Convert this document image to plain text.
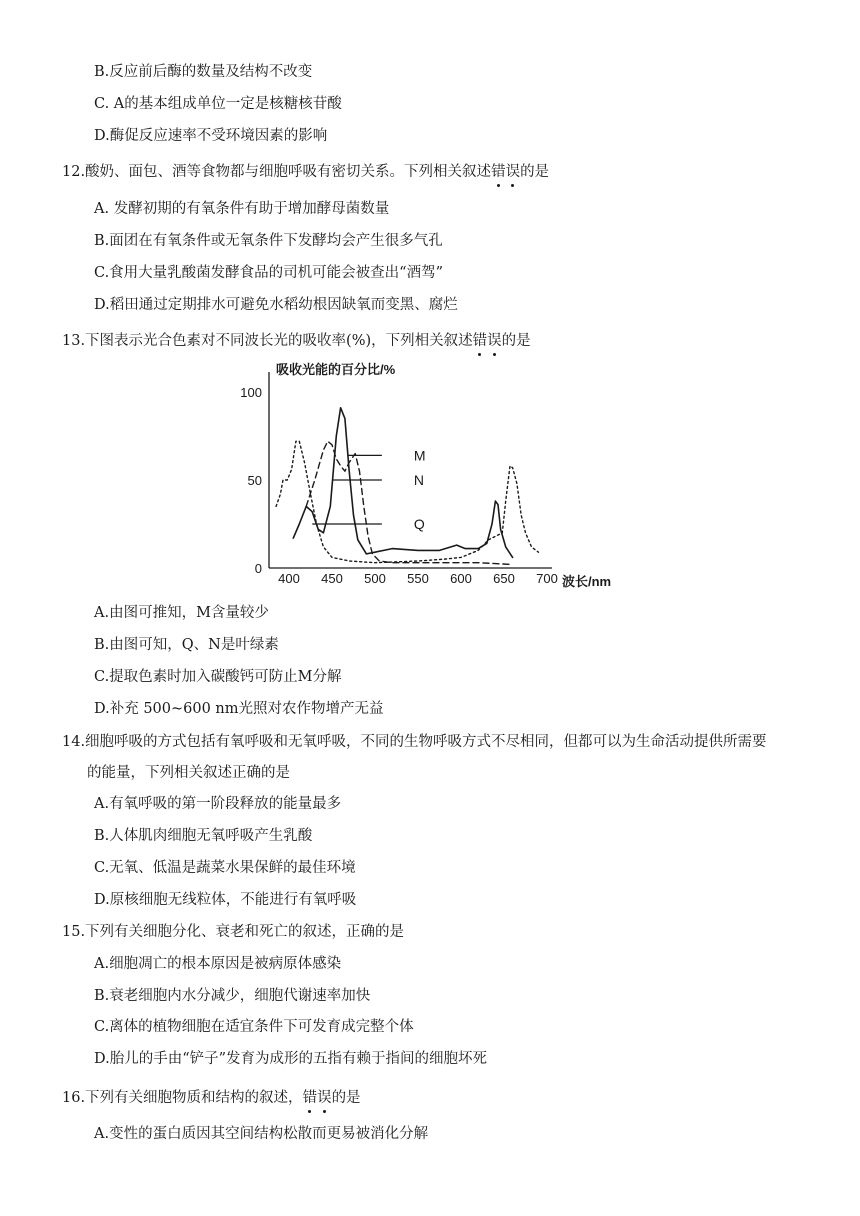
B.反应前后酶的数量及结构不改变
C. A的基本组成单位一定是核糖核苷酸
D.酶促反应速率不受环境因素的影响
12.酸奶、面包、酒等食物都与细胞呼吸有密切关系。下列相关叙述错误的是
A. 发酵初期的有氧条件有助于增加酵母菌数量
B.面团在有氧条件或无氧条件下发酵均会产生很多气孔
C.食用大量乳酸菌发酵食品的司机可能会被查出“酒驾”
D.稻田通过定期排水可避免水稻幼根因缺氧而变黑、腐烂
13.下图表示光合色素对不同波长光的吸收率(%)，下列相关叙述错误的是
吸收光能的百分比/%
波长/nm
400 450 500 550 600 650 700
0
50
100
M
N
Q
A.由图可推知，M含量较少
B.由图可知，Q、N是叶绿素
C.提取色素时加入碳酸钙可防止M分解
D.补充 500~600 nm光照对农作物增产无益
14.细胞呼吸的方式包括有氧呼吸和无氧呼吸，不同的生物呼吸方式不尽相同，但都可以为生命活动提供所需要
的能量，下列相关叙述正确的是
A.有氧呼吸的第一阶段释放的能量最多
B.人体肌肉细胞无氧呼吸产生乳酸
C.无氧、低温是蔬菜水果保鲜的最佳环境
D.原核细胞无线粒体，不能进行有氧呼吸
15.下列有关细胞分化、衰老和死亡的叙述，正确的是
A.细胞凋亡的根本原因是被病原体感染
B.衰老细胞内水分减少，细胞代谢速率加快
C.离体的植物细胞在适宜条件下可发育成完整个体
D.胎儿的手由“铲子”发育为成形的五指有赖于指间的细胞坏死
16.下列有关细胞物质和结构的叙述，错误的是
A.变性的蛋白质因其空间结构松散而更易被消化分解
